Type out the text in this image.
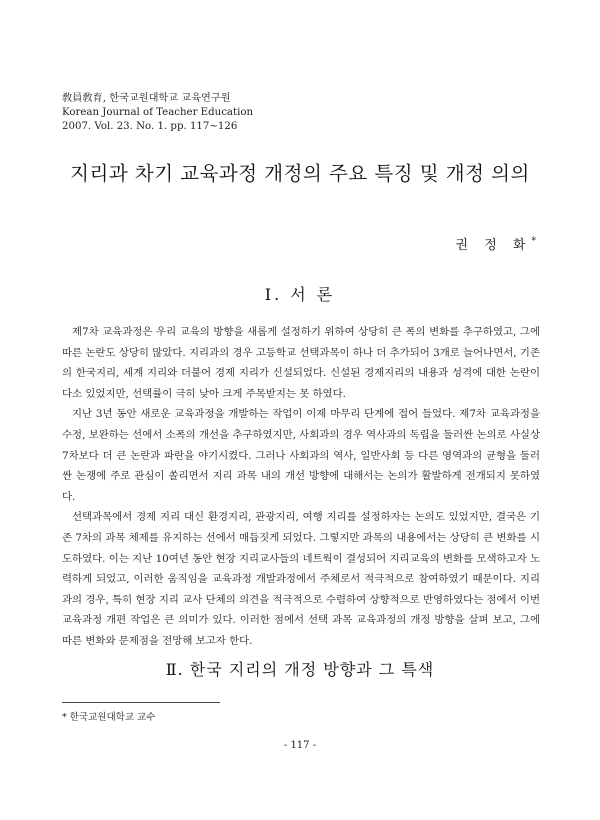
敎員敎育, 한국교원대학교 교육연구원
Korean Journal of Teacher Education
2007. Vol. 23. No. 1. pp. 117~126
지리과 차기 교육과정 개정의 주요 특징 및 개정 의의
권 정 화*
Ⅰ. 서 론

제7차 교육과정은 우리 교육의 방향을 새롭게 설정하기 위하여 상당히 큰 폭의 변화를 추구하였고, 그에 따른 논란도 상당히 많았다. 지리과의 경우 고등학교 선택과목이 하나 더 추가되어 3개로 늘어나면서, 기존의 한국지리, 세계 지리와 더불어 경제 지리가 신설되었다. 신설된 경제지리의 내용과 성격에 대한 논란이 다소 있었지만, 선택률이 극히 낮아 크게 주목받지는 못 하였다.

지난 3년 동안 새로운 교육과정을 개발하는 작업이 이제 마무리 단계에 접어 들었다. 제7차 교육과정을 수정, 보완하는 선에서 소폭의 개선을 추구하였지만, 사회과의 경우 역사과의 독립을 둘러싼 논의로 사실상 7차보다 더 큰 논란과 파란을 야기시켰다. 그러나 사회과의 역사, 일반사회 등 다른 영역과의 균형을 둘러싼 논쟁에 주로 관심이 쏠리면서 지리 과목 내의 개선 방향에 대해서는 논의가 활발하게 전개되지 못하였다.

선택과목에서 경제 지리 대신 환경지리, 관광지리, 여행 지리를 설정하자는 논의도 있었지만, 결국은 기존 7차의 과목 체제를 유지하는 선에서 매듭짓게 되었다. 그렇지만 과목의 내용에서는 상당히 큰 변화를 시도하였다. 이는 지난 10여년 동안 현장 지리교사들의 네트웍이 결성되어 지리교육의 변화를 모색하고자 노력하게 되었고, 이러한 움직임을 교육과정 개발과정에서 주체로서 적극적으로 참여하였기 때문이다. 지리과의 경우, 특히 현장 지리 교사 단체의 의견을 적극적으로 수렴하여 상향적으로 반영하였다는 점에서 이번 교육과정 개편 작업은 큰 의미가 있다. 이러한 점에서 선택 과목 교육과정의 개정 방향을 살펴 보고, 그에 따른 변화와 문제점을 전망해 보고자 한다.

Ⅱ. 한국 지리의 개정 방향과 그 특색
* 한국교원대학교 교수
- 117 -
